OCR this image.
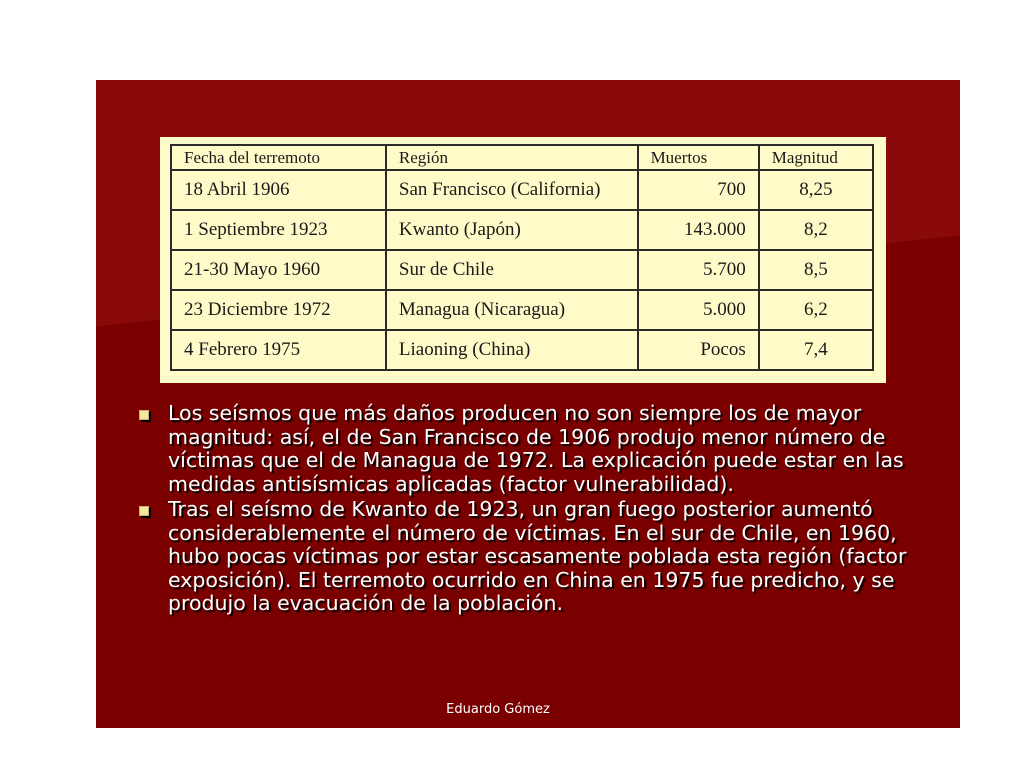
Fecha del terremoto	Región	Muertos	Magnitud
18 Abril 1906	San Francisco (California)	700	8,25
1 Septiembre 1923	Kwanto (Japón)	143.000	8,2
21-30 Mayo 1960	Sur de Chile	5.700	8,5
23 Diciembre 1972	Managua (Nicaragua)	5.000	6,2
4 Febrero 1975	Liaoning (China)	Pocos	7,4
Los seísmos que más daños producen no son siempre los de mayor magnitud: así, el de San Francisco de 1906 produjo menor número de víctimas que el de Managua de 1972. La explicación puede estar en las medidas antisísmicas aplicadas (factor vulnerabilidad).
Tras el seísmo de Kwanto de 1923, un gran fuego posterior aumentó considerablemente el número de víctimas. En el sur de Chile, en 1960, hubo pocas víctimas por estar escasamente poblada esta región (factor exposición). El terremoto ocurrido en China en 1975 fue predicho, y se produjo la evacuación de la población.
Eduardo Gómez
